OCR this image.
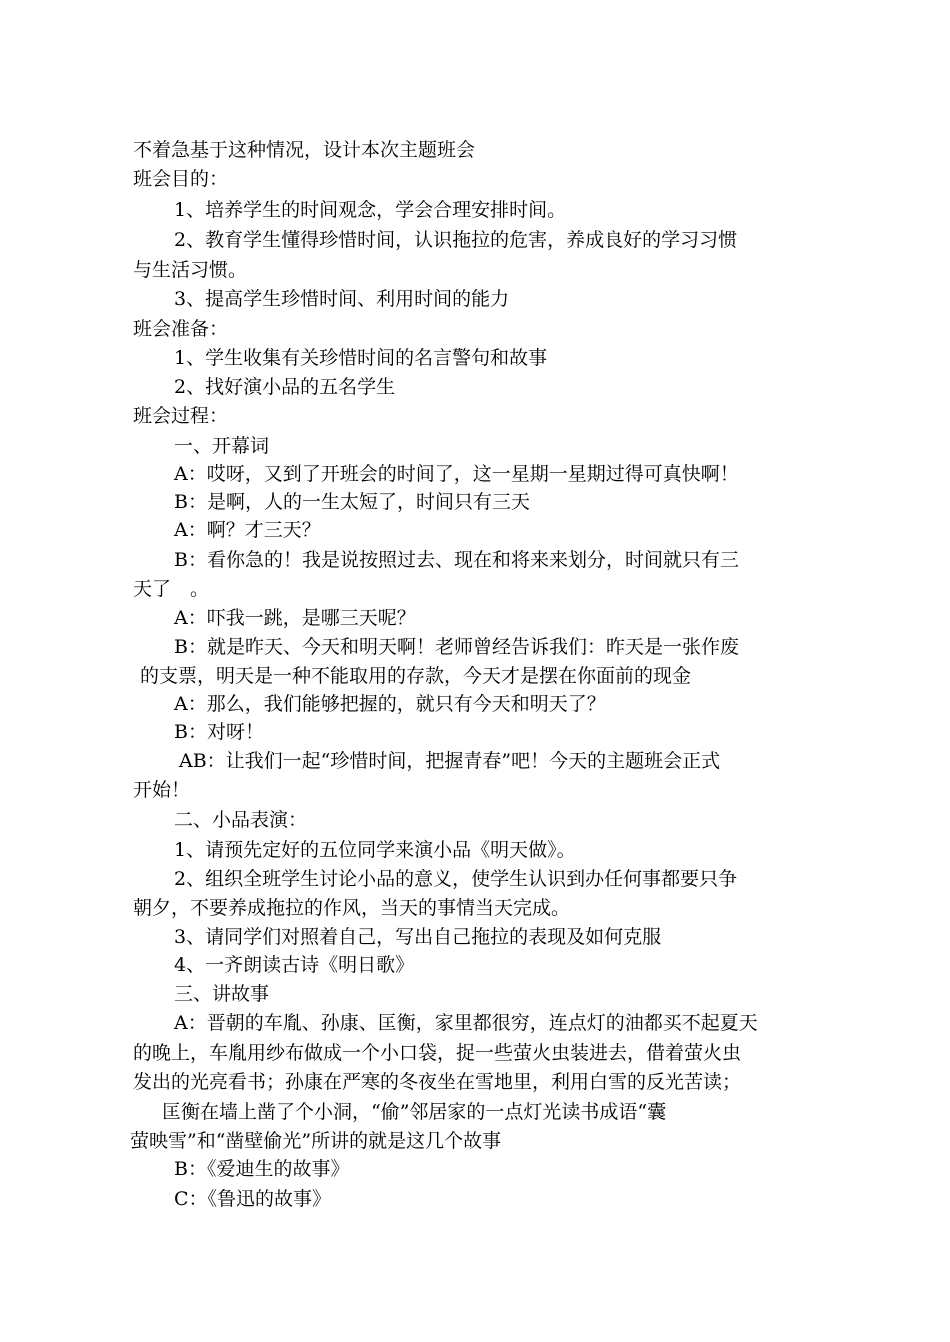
不着急基于这种情况，设计本次主题班会
班会目的：
1、培养学生的时间观念，学会合理安排时间。
2、教育学生懂得珍惜时间，认识拖拉的危害，养成良好的学习习惯
与生活习惯。
3、提高学生珍惜时间、利用时间的能力
班会准备：
1、学生收集有关珍惜时间的名言警句和故事
2、找好演小品的五名学生
班会过程：
一、开幕词
A：哎呀，又到了开班会的时间了，这一星期一星期过得可真快啊！
B：是啊，人的一生太短了，时间只有三天
A：啊？才三天？
B：看你急的！我是说按照过去、现在和将来来划分，时间就只有三
天了　。
A：吓我一跳，是哪三天呢？
B：就是昨天、今天和明天啊！老师曾经告诉我们：昨天是一张作废
的支票，明天是一种不能取用的存款，今天才是摆在你面前的现金
A：那么，我们能够把握的，就只有今天和明天了？
B：对呀！
AB：让我们一起“珍惜时间，把握青春”吧！今天的主题班会正式
开始！
二、小品表演：
1、请预先定好的五位同学来演小品《明天做》。
2、组织全班学生讨论小品的意义，使学生认识到办任何事都要只争
朝夕，不要养成拖拉的作风，当天的事情当天完成。
3、请同学们对照着自己，写出自己拖拉的表现及如何克服
4、一齐朗读古诗《明日歌》
三、讲故事
A：晋朝的车胤、孙康、匡衡，家里都很穷，连点灯的油都买不起夏天
的晚上，车胤用纱布做成一个小口袋，捉一些萤火虫装进去，借着萤火虫
发出的光亮看书；孙康在严寒的冬夜坐在雪地里，利用白雪的反光苦读；
匡衡在墙上凿了个小洞，“偷”邻居家的一点灯光读书成语“囊
萤映雪”和“凿壁偷光”所讲的就是这几个故事
B：《爱迪生的故事》
C：《鲁迅的故事》
